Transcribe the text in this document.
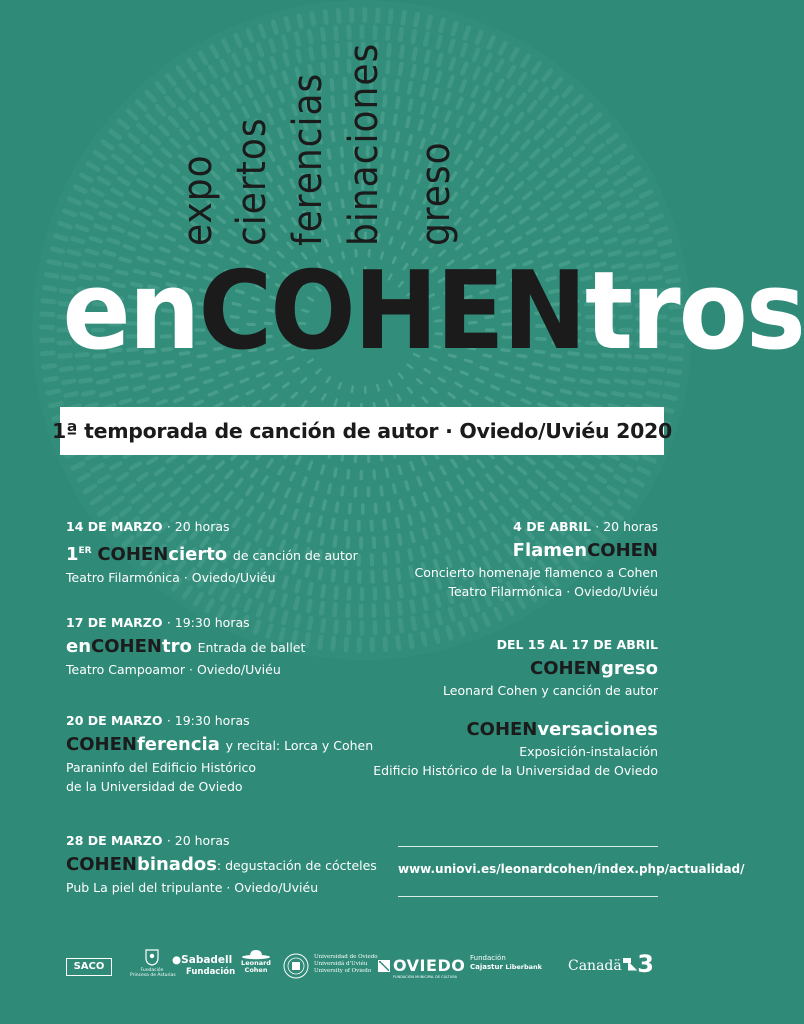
expo ciertos ferencias binaciones greso
enCOHENtros
1ª temporada de canción de autor · Oviedo/Uviéu 2020
14 DE MARZO · 20 horas
1ER COHENcierto de canción de autor
Teatro Filarmónica · Oviedo/Uviéu
17 DE MARZO · 19:30 horas
enCOHENtro Entrada de ballet
Teatro Campoamor · Oviedo/Uviéu
20 DE MARZO · 19:30 horas
COHENferencia y recital: Lorca y Cohen
Paraninfo del Edificio Histórico
de la Universidad de Oviedo
28 DE MARZO · 20 horas
COHENbinados: degustación de cócteles
Pub La piel del tripulante · Oviedo/Uviéu
4 DE ABRIL · 20 horas
FlamenCOHEN
Concierto homenaje flamenco a Cohen
Teatro Filarmónica · Oviedo/Uviéu
DEL 15 AL 17 DE ABRIL
COHENgreso
Leonard Cohen y canción de autor
COHENversaciones
Exposición-instalación
Edificio Histórico de la Universidad de Oviedo
www.uniovi.es/leonardcohen/index.php/actualidad/
SACO	Fundación
Princesa de Asturias
●Sabadell
Fundación
Leonard
Cohen
Universidad de Oviedo
Universidá d'Uviéu
University of Oviedo	OVIEDO
FUNDACIÓN MUNICIPAL DE CULTURA
Fundación
Cajastur Liberbank Canadä ◣3
